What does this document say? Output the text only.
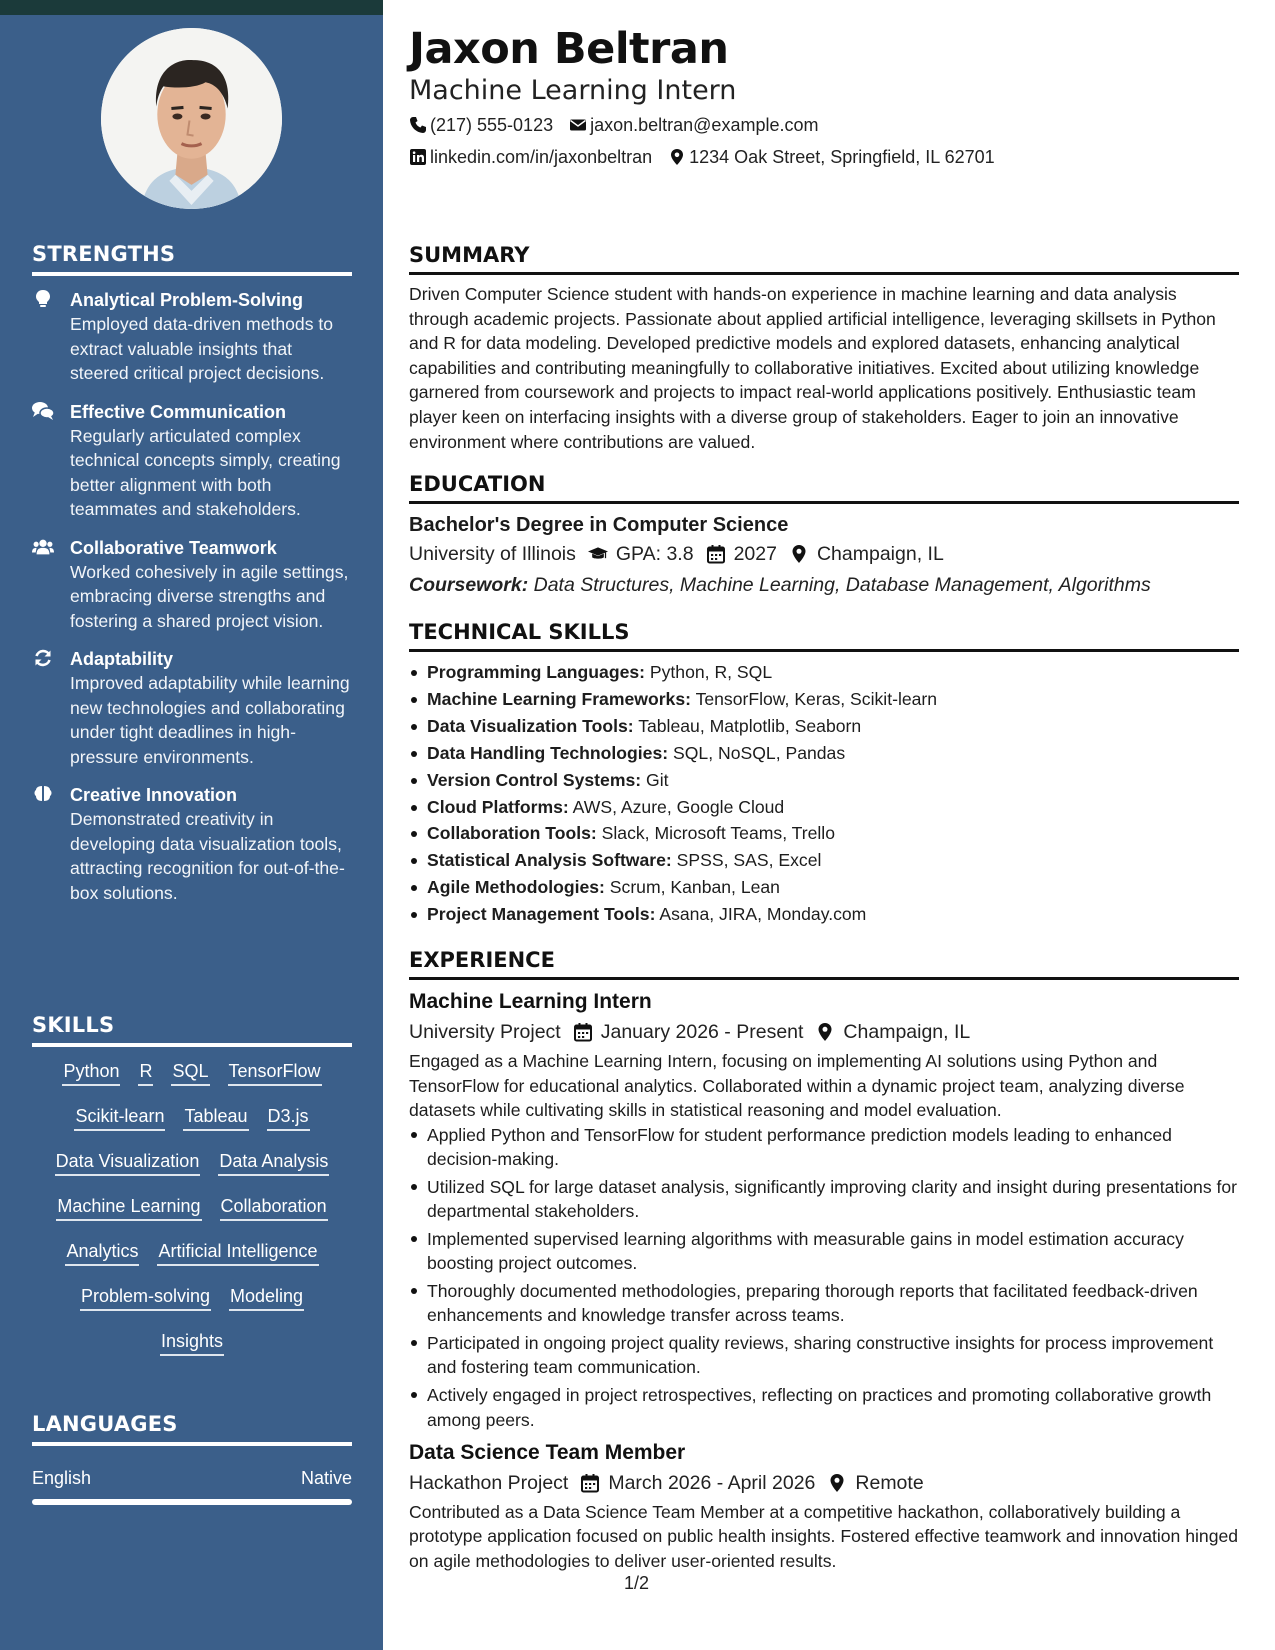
STRENGTHS
Analytical Problem-Solving
Employed data-driven methods to extract valuable insights that steered critical project decisions.
Effective Communication
Regularly articulated complex technical concepts simply, creating better alignment with both teammates and stakeholders.
Collaborative Teamwork
Worked cohesively in agile settings, embracing diverse strengths and fostering a shared project vision.
Adaptability
Improved adaptability while learning new technologies and collaborating under tight deadlines in high-pressure environments.
Creative Innovation
Demonstrated creativity in developing data visualization tools, attracting recognition for out-of-the-box solutions.
SKILLS
Python R SQL TensorFlow
Scikit-learn Tableau D3.js
Data Visualization Data Analysis
Machine Learning Collaboration
Analytics Artificial Intelligence
Problem-solving Modeling
Insights
LANGUAGES
English	Native
Jaxon Beltran
Machine Learning Intern
(217) 555-0123 jaxon.beltran@example.com
linkedin.com/in/jaxonbeltran 1234 Oak Street, Springfield, IL 62701
SUMMARY
Driven Computer Science student with hands-on experience in machine learning and data analysis through academic projects. Passionate about applied artificial intelligence, leveraging skillsets in Python and R for data modeling. Developed predictive models and explored datasets, enhancing analytical capabilities and contributing meaningfully to collaborative initiatives. Excited about utilizing knowledge garnered from coursework and projects to impact real-world applications positively. Enthusiastic team player keen on interfacing insights with a diverse group of stakeholders. Eager to join an innovative environment where contributions are valued.
EDUCATION
Bachelor's Degree in Computer Science
University of Illinois GPA: 3.8 2027 Champaign, IL
Coursework: Data Structures, Machine Learning, Database Management, Algorithms
TECHNICAL SKILLS
Programming Languages: Python, R, SQL
Machine Learning Frameworks: TensorFlow, Keras, Scikit-learn
Data Visualization Tools: Tableau, Matplotlib, Seaborn
Data Handling Technologies: SQL, NoSQL, Pandas
Version Control Systems: Git
Cloud Platforms: AWS, Azure, Google Cloud
Collaboration Tools: Slack, Microsoft Teams, Trello
Statistical Analysis Software: SPSS, SAS, Excel
Agile Methodologies: Scrum, Kanban, Lean
Project Management Tools: Asana, JIRA, Monday.com
EXPERIENCE
Machine Learning Intern
University Project January 2026 - Present Champaign, IL
Engaged as a Machine Learning Intern, focusing on implementing AI solutions using Python and TensorFlow for educational analytics. Collaborated within a dynamic project team, analyzing diverse datasets while cultivating skills in statistical reasoning and model evaluation.
Applied Python and TensorFlow for student performance prediction models leading to enhanced decision-making.
Utilized SQL for large dataset analysis, significantly improving clarity and insight during presentations for departmental stakeholders.
Implemented supervised learning algorithms with measurable gains in model estimation accuracy boosting project outcomes.
Thoroughly documented methodologies, preparing thorough reports that facilitated feedback-driven enhancements and knowledge transfer across teams.
Participated in ongoing project quality reviews, sharing constructive insights for process improvement and fostering team communication.
Actively engaged in project retrospectives, reflecting on practices and promoting collaborative growth among peers.
Data Science Team Member
Hackathon Project March 2026 - April 2026 Remote
Contributed as a Data Science Team Member at a competitive hackathon, collaboratively building a prototype application focused on public health insights. Fostered effective teamwork and innovation hinged on agile methodologies to deliver user-oriented results.
1/2
